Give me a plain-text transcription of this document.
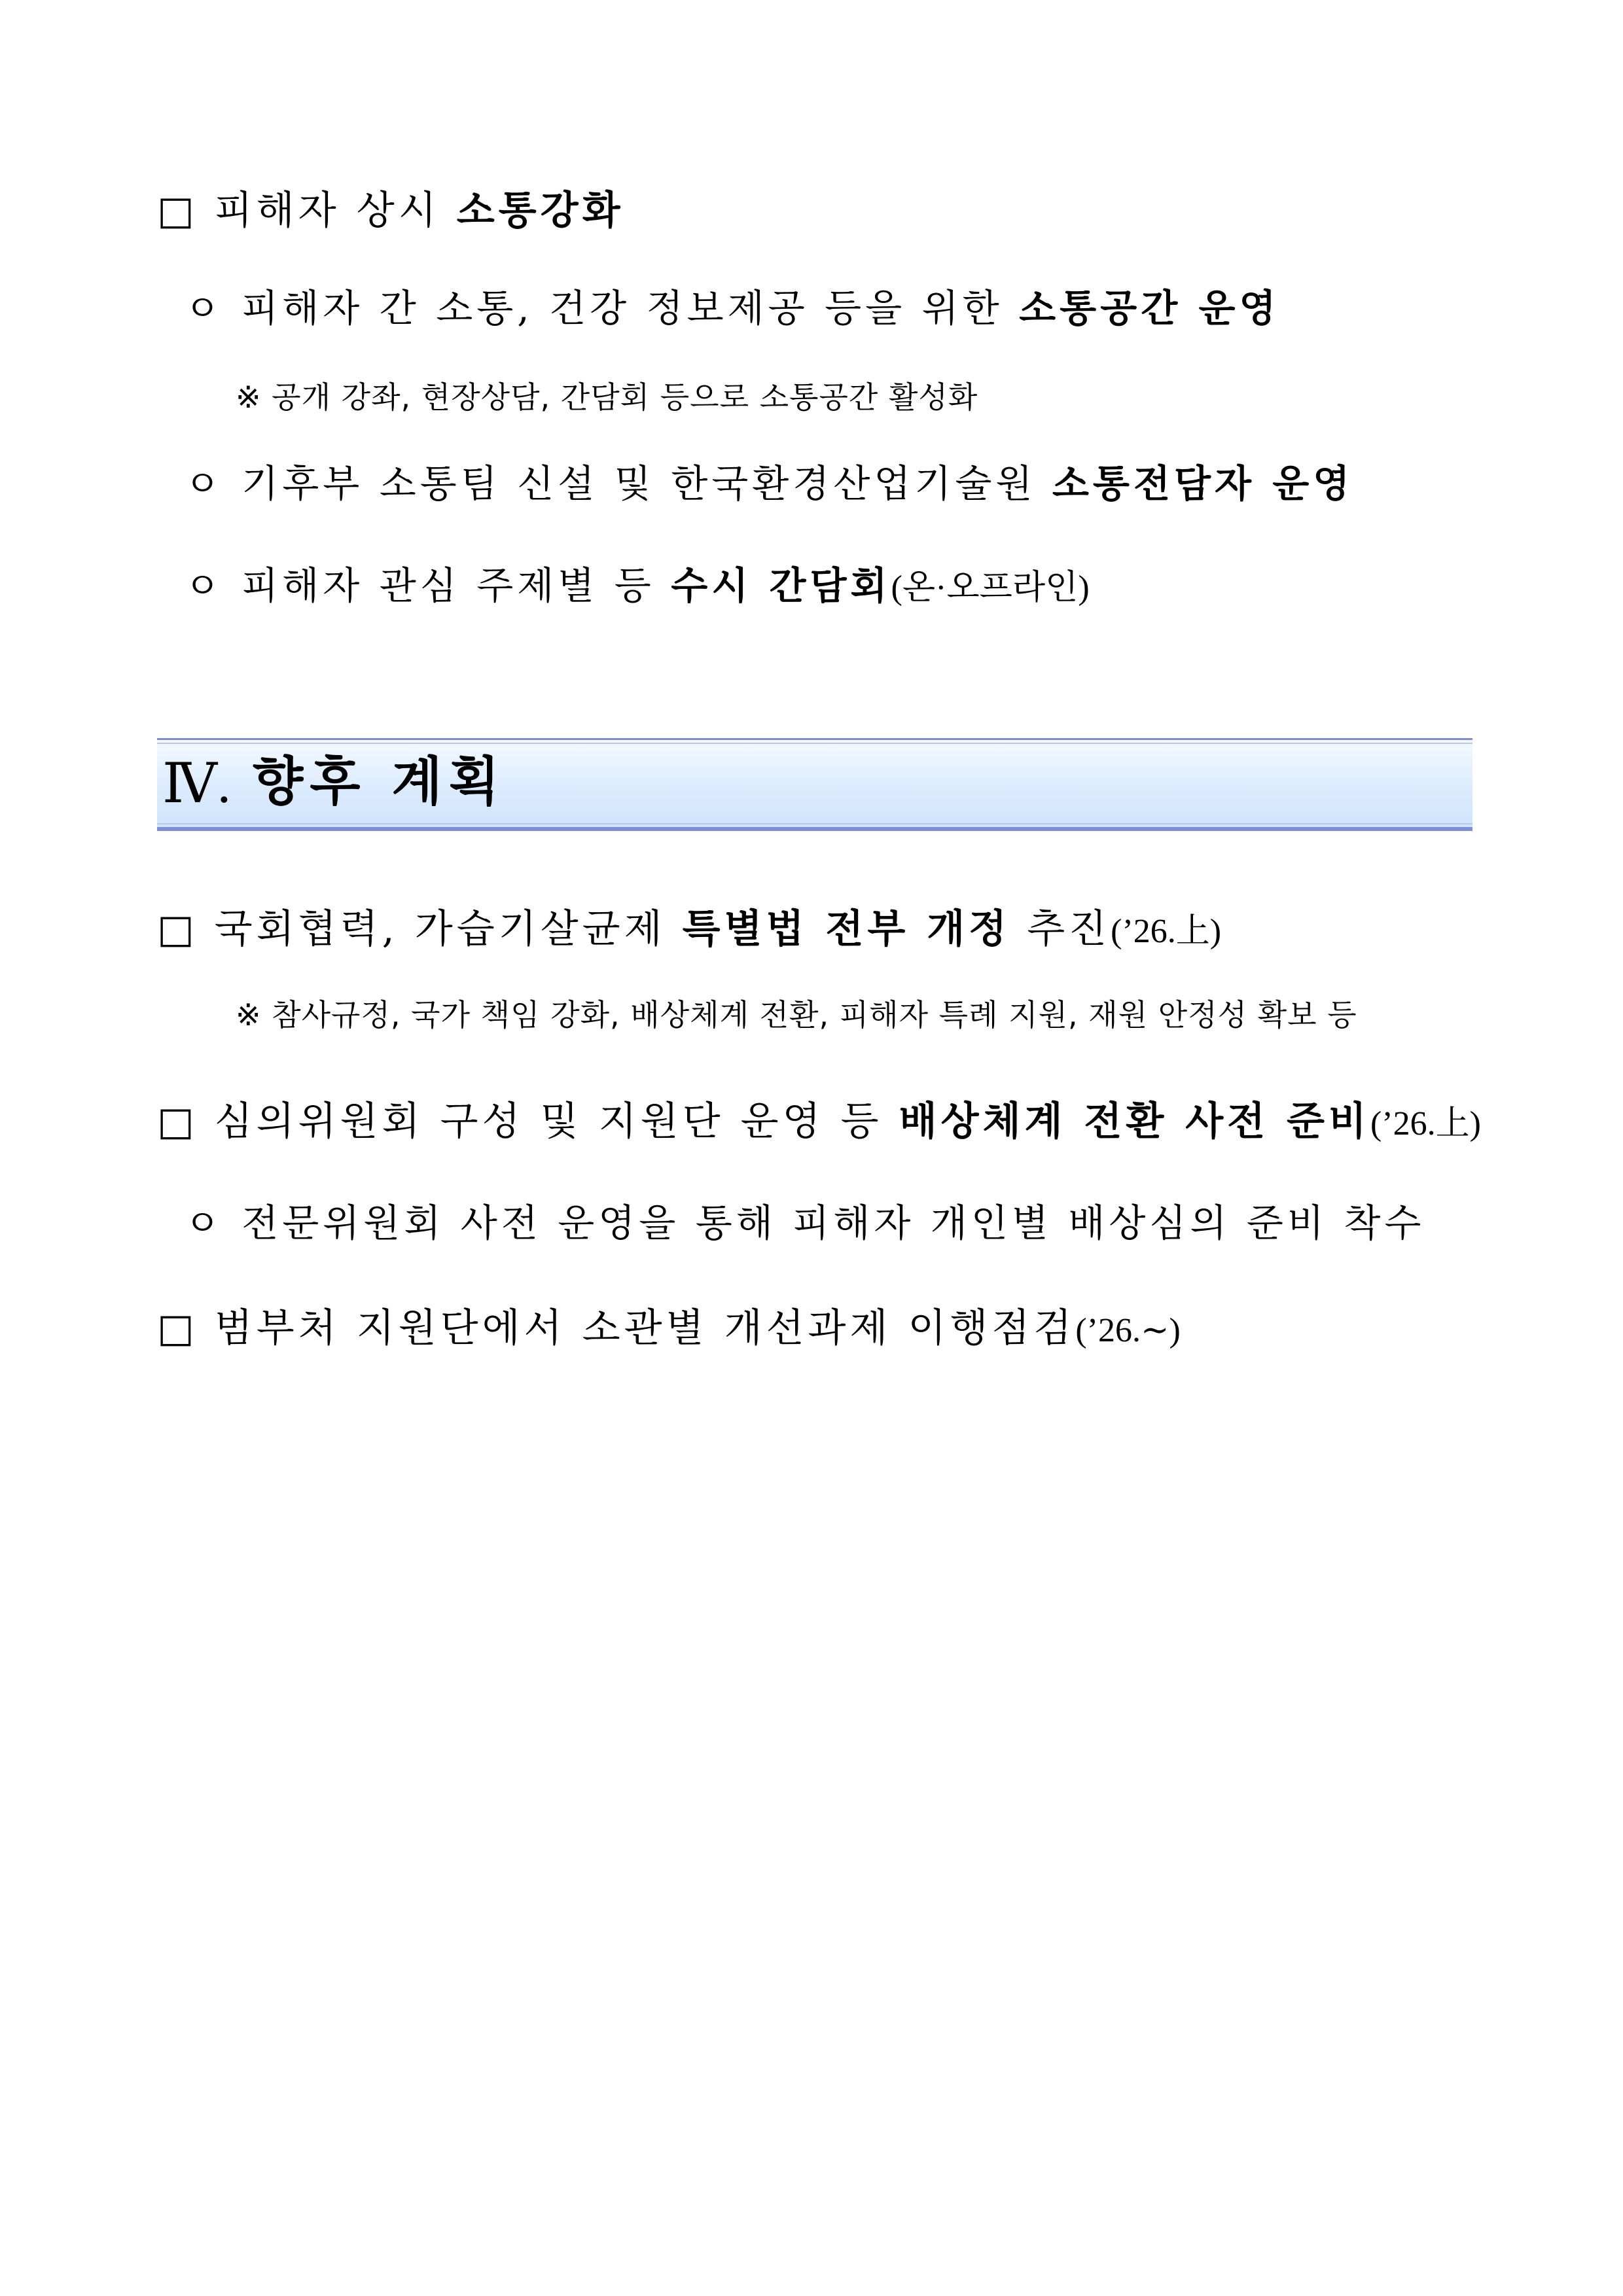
□ 피해자 상시 소통강화
ㅇ 피해자 간 소통, 건강 정보제공 등을 위한 소통공간 운영
※ 공개 강좌, 현장상담, 간담회 등으로 소통공간 활성화
ㅇ 기후부 소통팀 신설 및 한국환경산업기술원 소통전담자 운영
ㅇ 피해자 관심 주제별 등 수시 간담회(온·오프라인)
Ⅳ. 향후 계획
□ 국회협력, 가습기살균제 특별법 전부 개정 추진(’26.上)
※ 참사규정, 국가 책임 강화, 배상체계 전환, 피해자 특례 지원, 재원 안정성 확보 등
□ 심의위원회 구성 및 지원단 운영 등 배상체계 전환 사전 준비(’26.上)
ㅇ 전문위원회 사전 운영을 통해 피해자 개인별 배상심의 준비 착수
□ 범부처 지원단에서 소관별 개선과제 이행점검(’26.∼)
